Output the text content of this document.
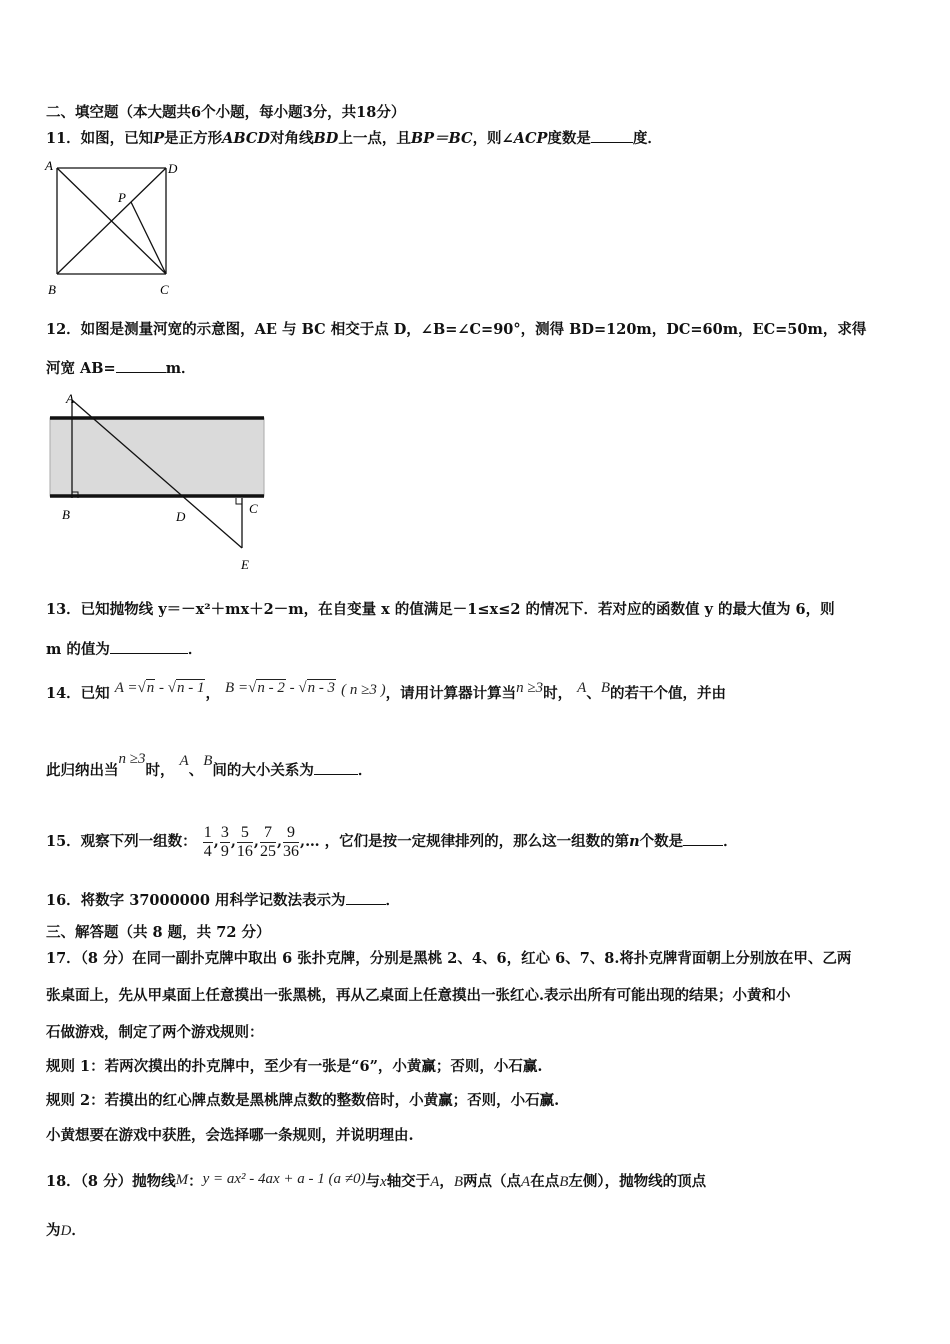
二、填空题（本大题共6个小题，每小题3分，共18分）
11．如图，已知P是正方形ABCD对角线BD上一点，且BP＝BC，则∠ACP度数是	度．
A	D
P
B	C
12．如图是测量河宽的示意图，AE 与 BC 相交于点 D，∠B=∠C=90°，测得 BD=120m，DC=60m，EC=50m，求得
河宽 AB=	m．
A
B	D
C
E
13．已知抛物线 y＝－x²＋mx＋2－m，在自变量 x 的值满足－1≤x≤2 的情况下．若对应的函数值 y 的最大值为 6，则
m 的值为	．
14．已知 A =√n - √n - 1， B =√n - 2 - √n - 3 ( n ≥3 )，请用计算器计算当n ≥3时， A、B的若干个值，并由
此归纳出当n ≥3时， A、B间的大小关系为	．
15．观察下列一组数： $\frac{1}{4}$ , $\frac{3}{9}$ , $\frac{5}{16}$ , $\frac{7}{25}$ , $\frac{9}{36}$ ,… ，它们是按一定规律排列的，那么这一组数的第n个数是	．
16．将数字 37000000 用科学记数法表示为	．
三、解答题（共 8 题，共 72 分）
17．（8 分）在同一副扑克牌中取出 6 张扑克牌，分别是黑桃 2、4、6，红心 6、7、8.将扑克牌背面朝上分别放在甲、乙两
张桌面上，先从甲桌面上任意摸出一张黑桃，再从乙桌面上任意摸出一张红心.表示出所有可能出现的结果；小黄和小
石做游戏，制定了两个游戏规则：
规则 1：若两次摸出的扑克牌中，至少有一张是“6”，小黄赢；否则，小石赢.
规则 2：若摸出的红心牌点数是黑桃牌点数的整数倍时，小黄赢；否则，小石赢.
小黄想要在游戏中获胜，会选择哪一条规则，并说明理由.
18．（8 分）抛物线M：y = ax² - 4ax + a - 1 (a ≠0)与x轴交于A，B两点（点A在点B左侧），抛物线的顶点
为D．
